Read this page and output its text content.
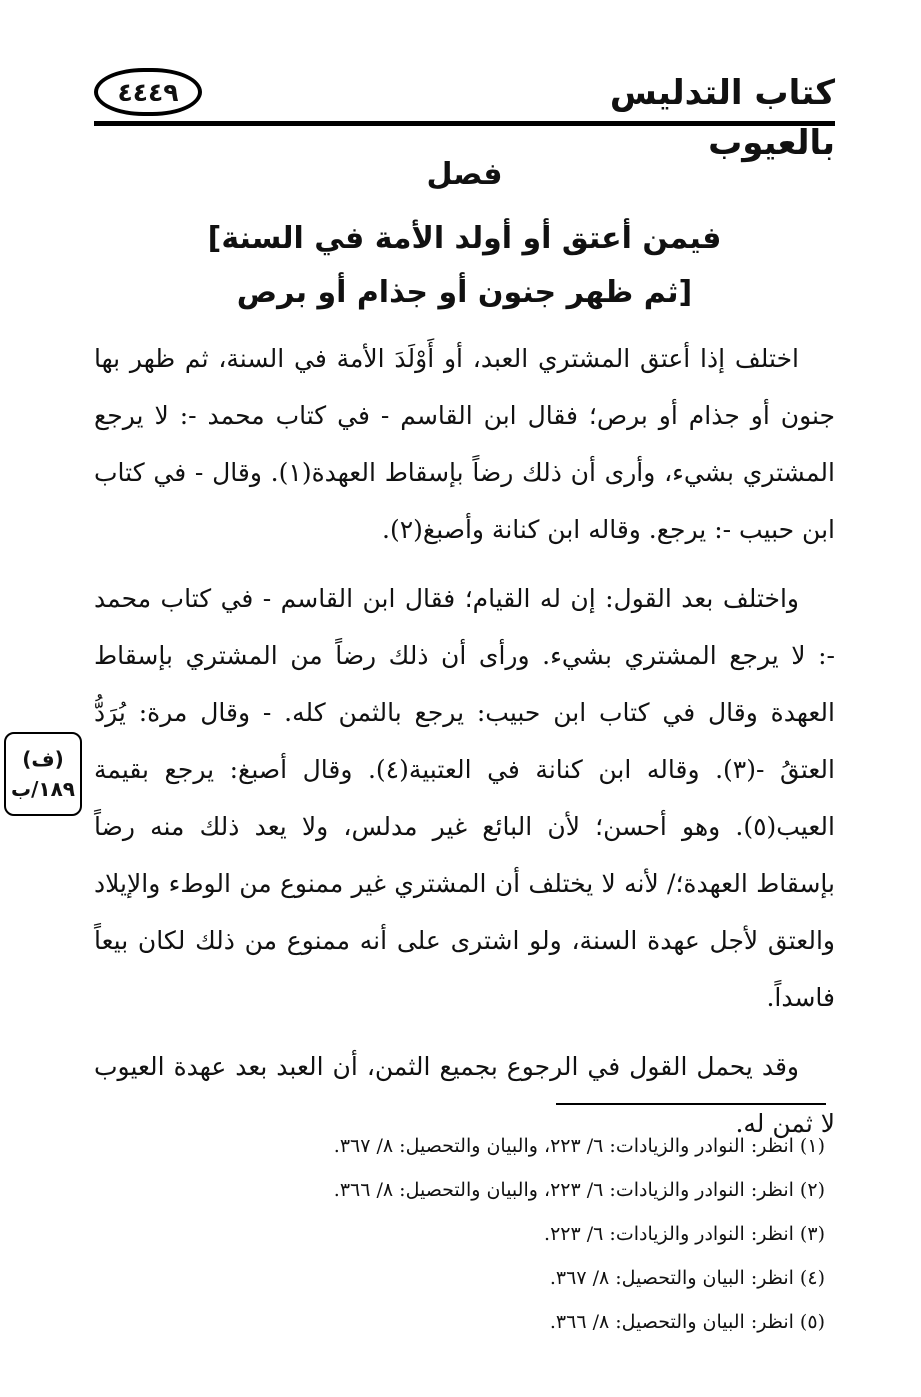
كتاب التدليس بالعيوب
٤٤٤٩
فصل
[فيمن أعتق أو أولد الأمة في السنة
ثم ظهر جنون أو جذام أو برص]

اختلف إذا أعتق المشتري العبد، أو أَوْلَدَ الأمة في السنة، ثم ظهر بها جنون أو جذام أو برص؛ فقال ابن القاسم - في كتاب محمد -: لا يرجع المشتري بشيء، وأرى أن ذلك رضاً بإسقاط العهدة(١). وقال - في كتاب ابن حبيب -: يرجع. وقاله ابن كنانة وأصبغ(٢).

واختلف بعد القول: إن له القيام؛ فقال ابن القاسم - في كتاب محمد -: لا يرجع المشتري بشيء. ورأى أن ذلك رضاً من المشتري بإسقاط العهدة وقال في كتاب ابن حبيب: يرجع بالثمن كله. - وقال مرة: يُرَدُّ العتقُ -(٣). وقاله ابن كنانة في العتبية(٤). وقال أصبغ: يرجع بقيمة العيب(٥). وهو أحسن؛ لأن البائع غير مدلس، ولا يعد ذلك منه رضاً بإسقاط العهدة؛/ لأنه لا يختلف أن المشتري غير ممنوع من الوطء والإيلاد والعتق لأجل عهدة السنة، ولو اشترى على أنه ممنوع من ذلك لكان بيعاً فاسداً.

وقد يحمل القول في الرجوع بجميع الثمن، أن العبد بعد عهدة العيوب لا ثمن له.

(ف)
١٨٩/ب
(١) انظر: النوادر والزيادات: ٦/ ٢٢٣، والبيان والتحصيل: ٨/ ٣٦٧.
(٢) انظر: النوادر والزيادات: ٦/ ٢٢٣، والبيان والتحصيل: ٨/ ٣٦٦.
(٣) انظر: النوادر والزيادات: ٦/ ٢٢٣.
(٤) انظر: البيان والتحصيل: ٨/ ٣٦٧.
(٥) انظر: البيان والتحصيل: ٨/ ٣٦٦.
